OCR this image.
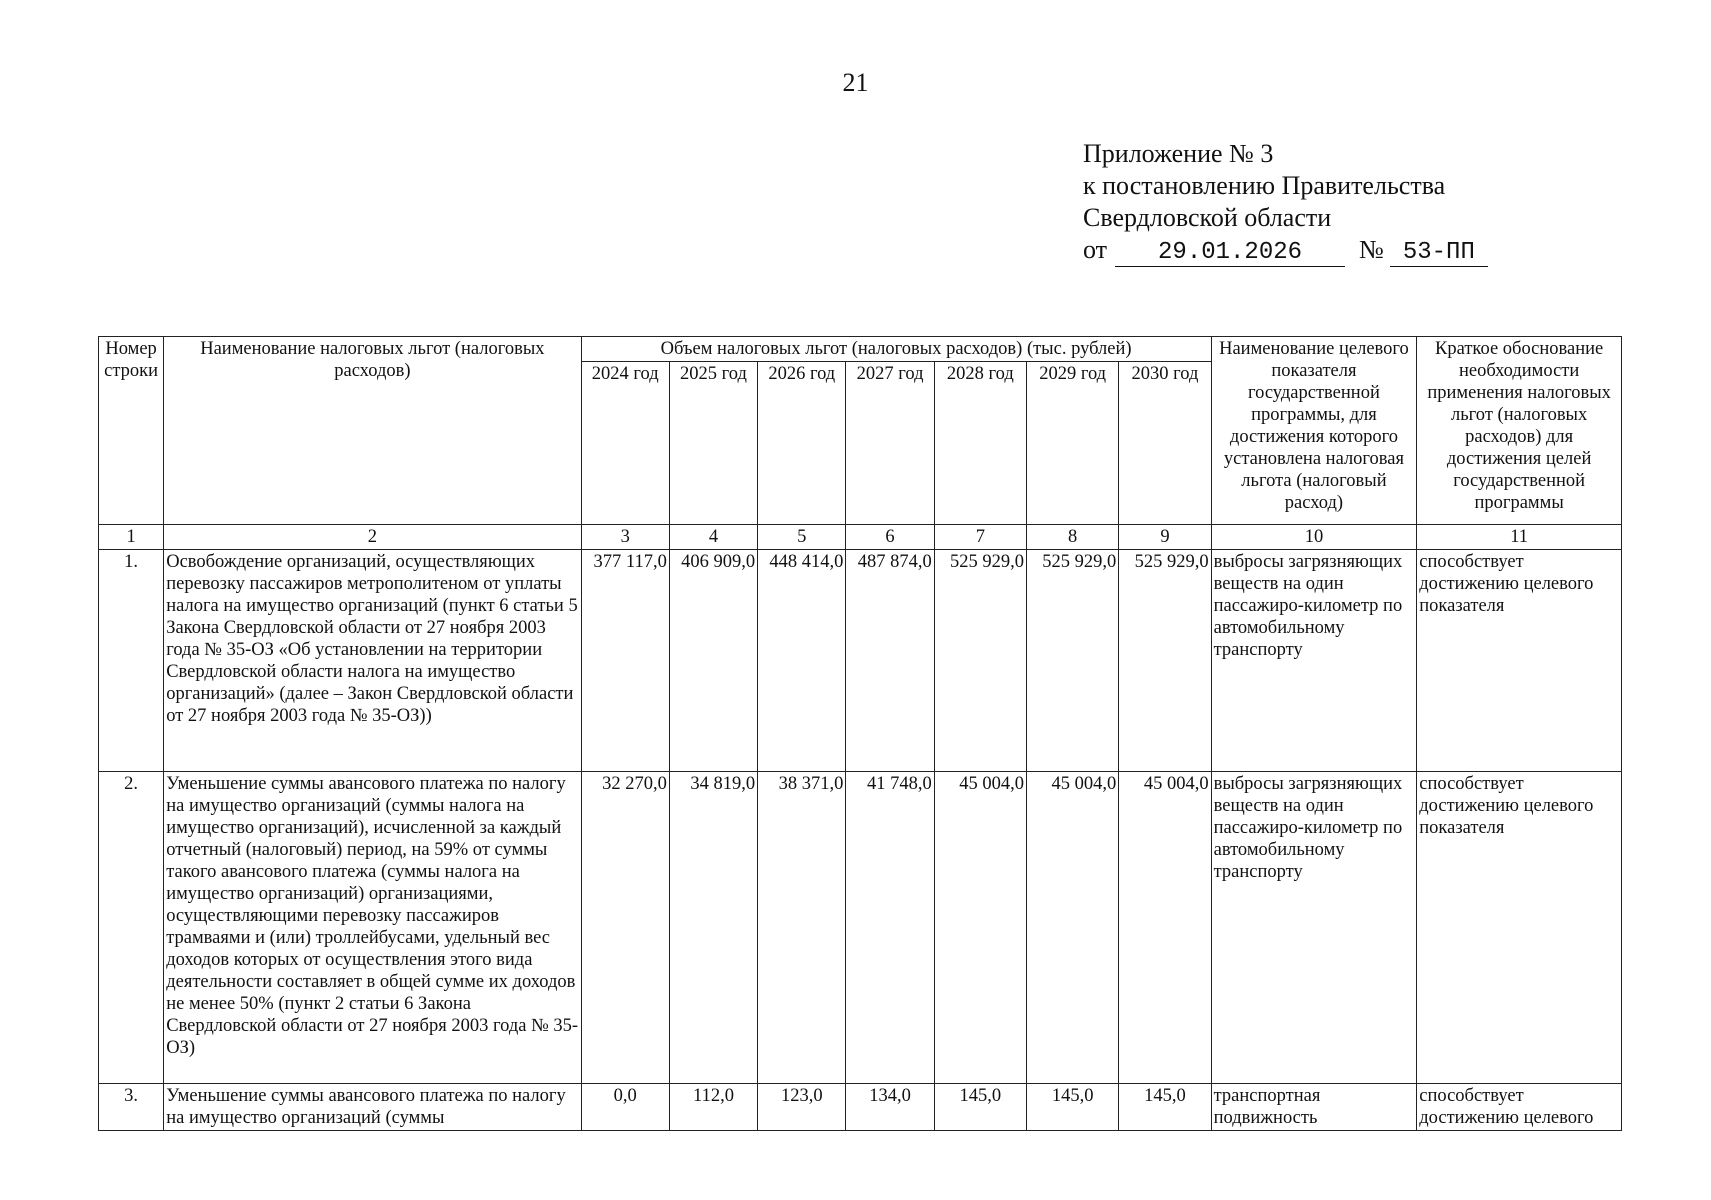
21
Приложение № 3
к постановлению Правительства
Свердловской области
от 29.01.2026 № 53-ПП
Номер строки	Наименование налоговых льгот (налоговых расходов)	Объем налоговых льгот (налоговых расходов) (тыс. рублей)							Наименование целевого показателя государственной программы, для достижения которого установлена налоговая льгота (налоговый расход)	Краткое обоснование необходимости применения налоговых льгот (налоговых расходов) для достижения целей государственной программы
		2024 год	2025 год	2026 год	2027 год	2028 год	2029 год	2030 год		
1	2	3	4	5	6	7	8	9	10	11
1.	Освобождение организаций, осуществляющих перевозку пассажиров метрополитеном от уплаты налога на имущество организаций (пункт 6 статьи 5 Закона Свердловской области от 27 ноября 2003 года № 35-ОЗ «Об установлении на территории Свердловской области налога на имущество организаций» (далее – Закон Свердловской области от 27 ноября 2003 года № 35-ОЗ))	377 117,0	406 909,0	448 414,0	487 874,0	525 929,0	525 929,0	525 929,0	выбросы загрязняющих веществ на один пассажиро-километр по автомобильному транспорту	способствует достижению целевого показателя
2.	Уменьшение суммы авансового платежа по налогу на имущество организаций (суммы налога на имущество организаций), исчисленной за каждый отчетный (налоговый) период, на 59% от суммы такого авансового платежа (суммы налога на имущество организаций) организациями, осуществляющими перевозку пассажиров трамваями и (или) троллейбусами, удельный вес доходов которых от осуществления этого вида деятельности составляет в общей сумме их доходов не менее 50% (пункт 2 статьи 6 Закона Свердловской области от 27 ноября 2003 года № 35-ОЗ)	32 270,0	34 819,0	38 371,0	41 748,0	45 004,0	45 004,0	45 004,0	выбросы загрязняющих веществ на один пассажиро-километр по автомобильному транспорту	способствует достижению целевого показателя
3.	Уменьшение суммы авансового платежа по налогу на имущество организаций (суммы	0,0	112,0	123,0	134,0	145,0	145,0	145,0	транспортная подвижность	способствует достижению целевого
